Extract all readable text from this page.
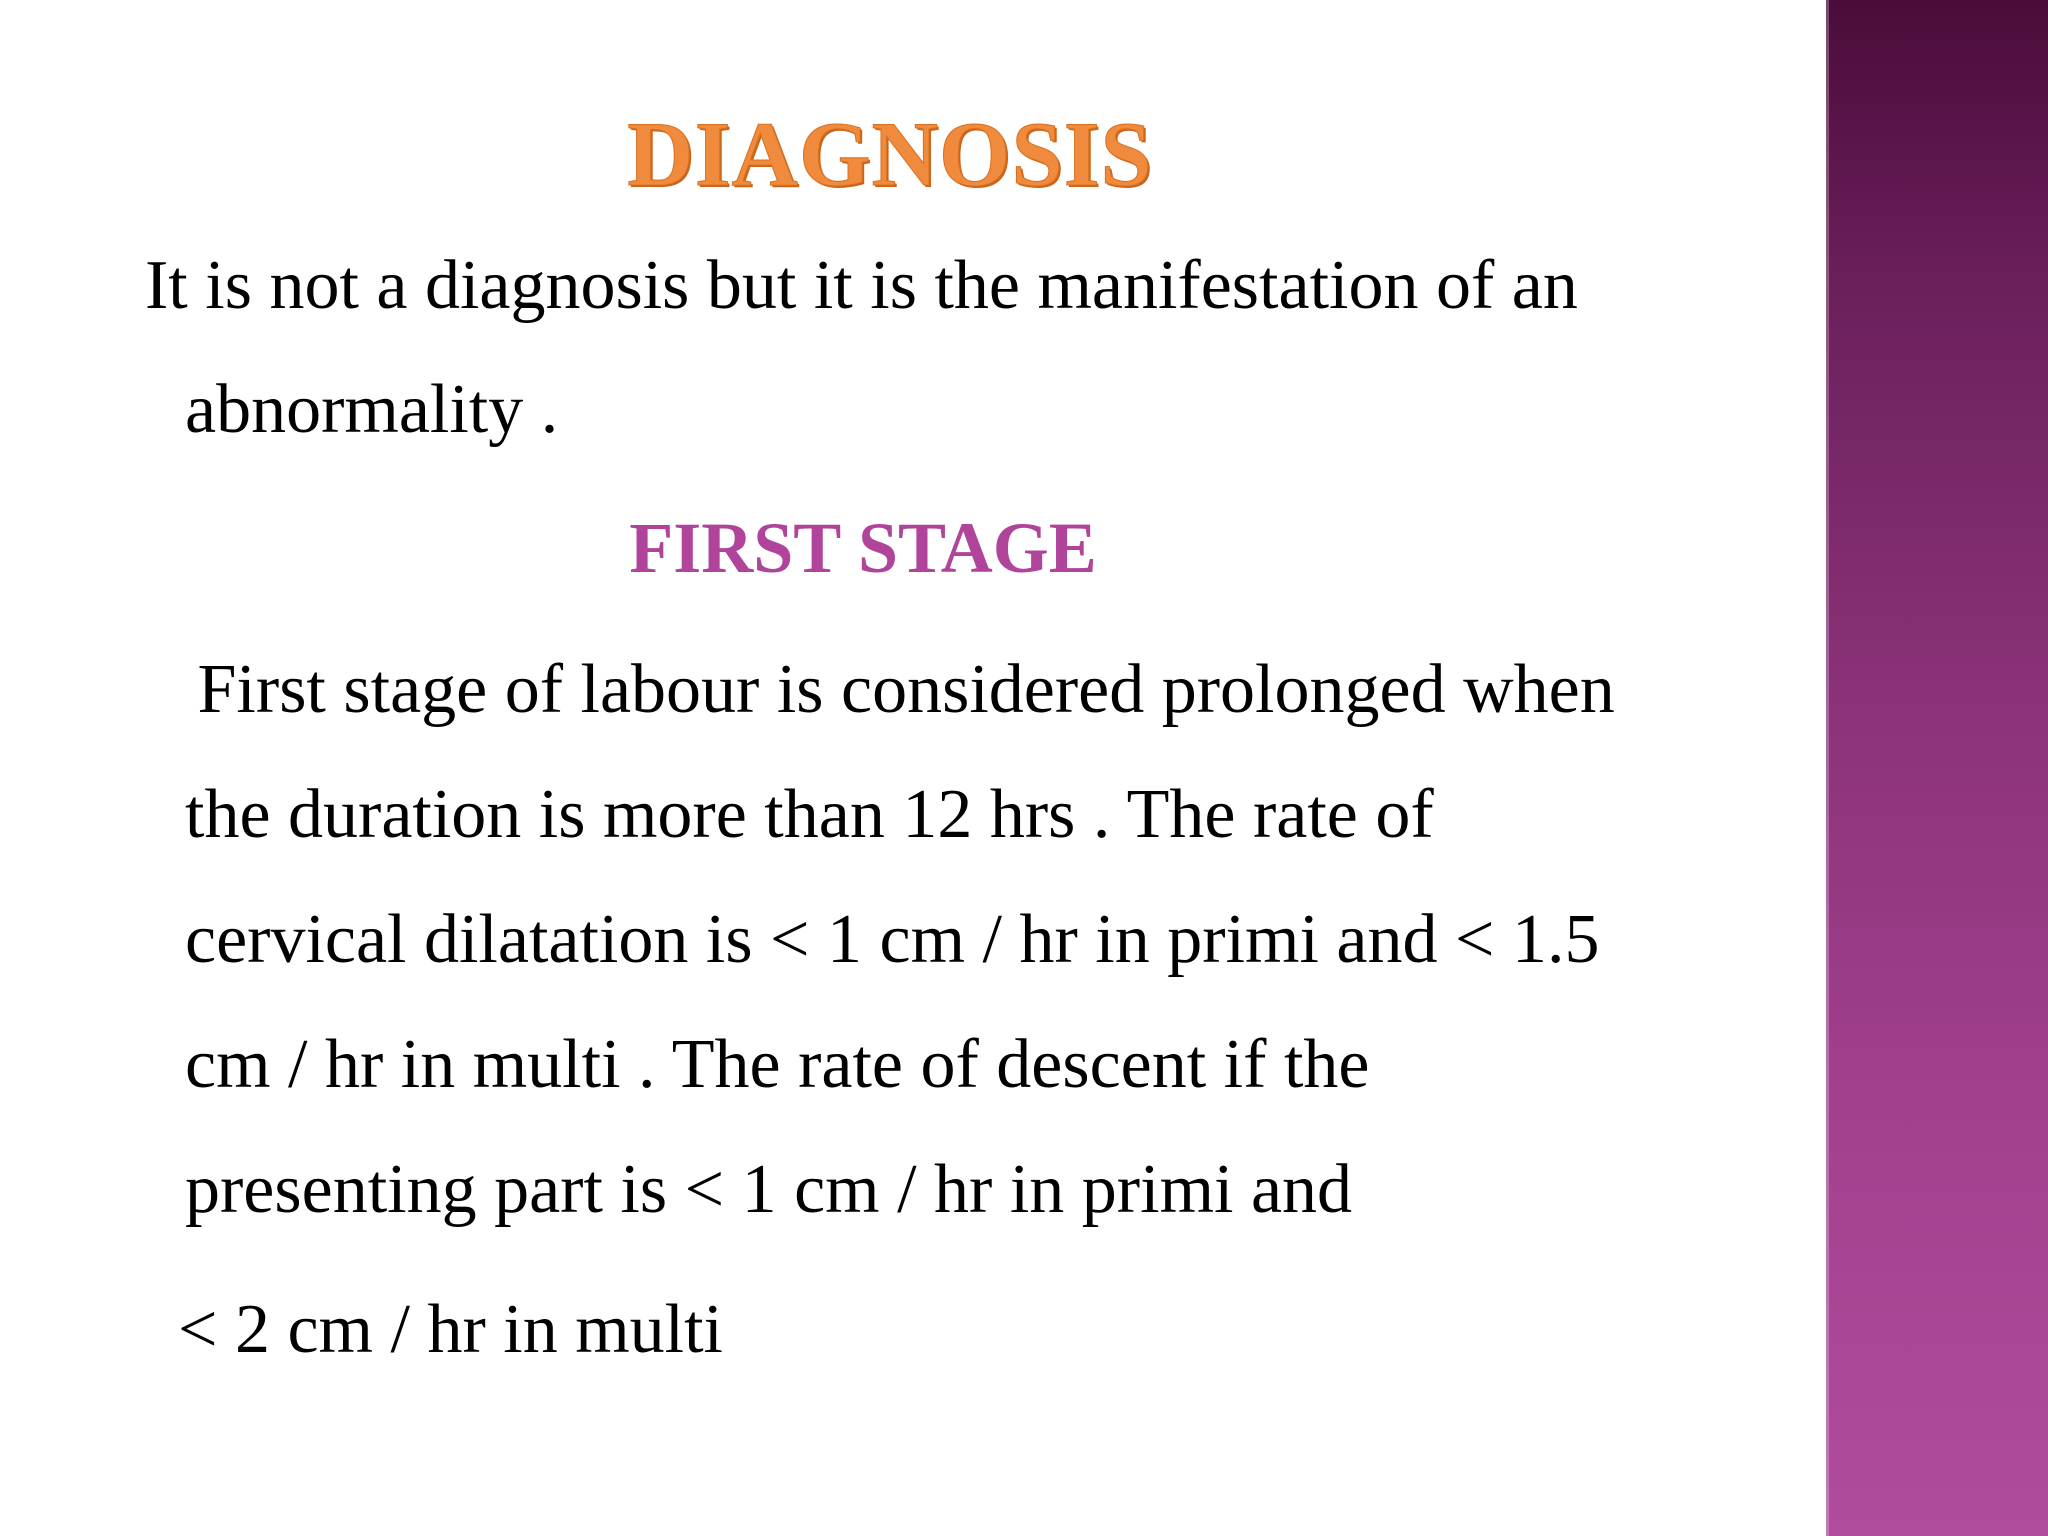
DIAGNOSIS
It is not a diagnosis but it is the manifestation of an
abnormality .
FIRST STAGE
First stage of labour is considered prolonged when
the duration is more than 12 hrs . The rate of
cervical dilatation is < 1 cm / hr in primi and < 1.5
cm / hr in multi . The rate of descent if the
presenting part is < 1 cm / hr in primi and
< 2 cm / hr in multi
